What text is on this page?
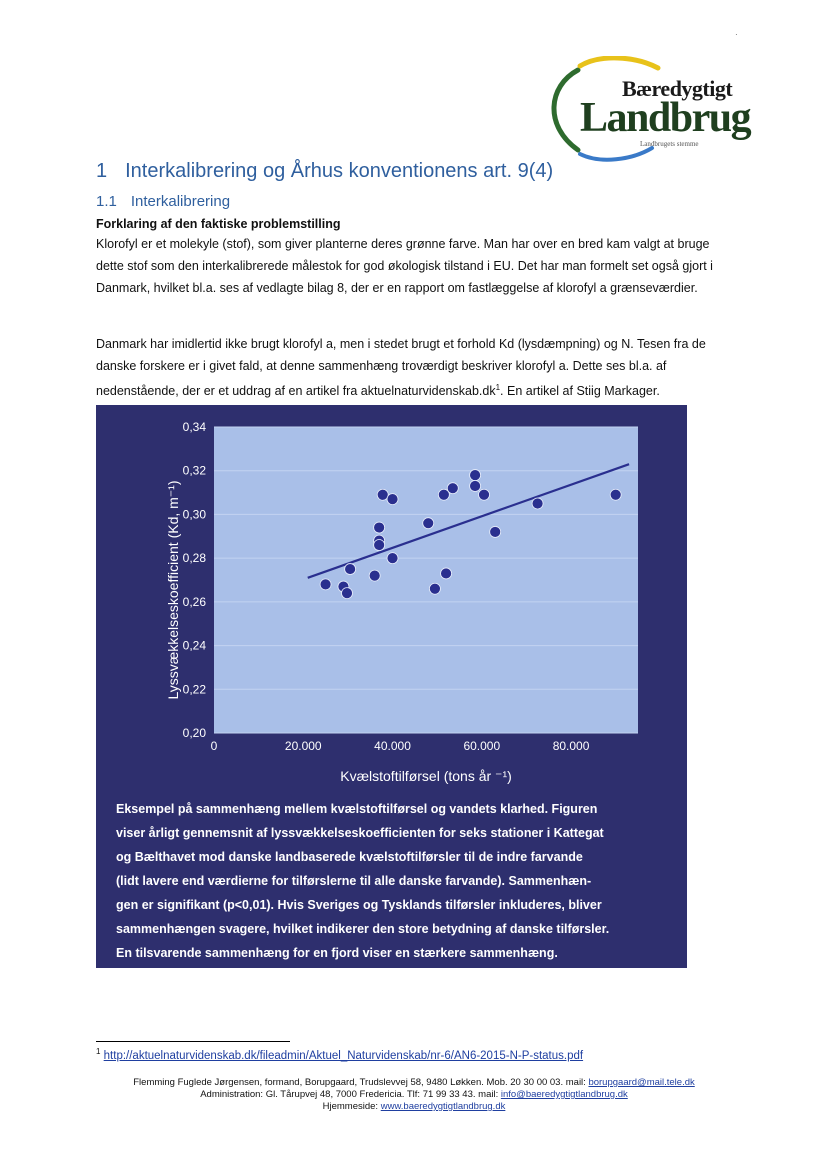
Bæredygtigt
Landbrug
Landbrugets stemme
·
1 Interkalibrering og Århus konventionens art. 9(4)
1.1 Interkalibrering
Forklaring af den faktiske problemstilling
Klorofyl er et molekyle (stof), som giver planterne deres grønne farve. Man har over en bred kam valgt at bruge dette stof som den interkalibrerede målestok for god økologisk tilstand i EU. Det har man formelt set også gjort i Danmark, hvilket bl.a. ses af vedlagte bilag 8, der er en rapport om fastlæggelse af klorofyl a grænseværdier.
Danmark har imidlertid ikke brugt klorofyl a, men i stedet brugt et forhold Kd (lysdæmpning) og N. Tesen fra de danske forskere er i givet fald, at denne sammenhæng troværdigt beskriver klorofyl a. Dette ses bl.a. af nedenstående, der er et uddrag af en artikel fra $aktuelnaturvidenskab.dk^1$. En artikel af Stiig Markager.
0,20
0,22
0,24
0,26
0,28
0,30
0,32
0,34
0	20.000	40.000	60.000	80.000
Kvælstoftilførsel (tons år ⁻¹)
Lyssvækkelseskoefficient (Kd, m⁻¹)

Eksempel på sammenhæng mellem kvælstoftilførsel og vandets klarhed. Figuren

viser årligt gennemsnit af lyssvækkelseskoefficienten for seks stationer i Kattegat

og Bælthavet mod danske landbaserede kvælstoftilførsler til de indre farvande

(lidt lavere end værdierne for tilførslerne til alle danske farvande). Sammenhæn-

gen er signifikant (p<0,01). Hvis Sveriges og Tysklands tilførsler inkluderes, bliver

sammenhængen svagere, hvilket indikerer den store betydning af danske tilførsler.

En tilsvarende sammenhæng for en fjord viser en stærkere sammenhæng.

$^1$ http://aktuelnaturvidenskab.dk/fileadmin/Aktuel_Naturvidenskab/nr-6/AN6-2015-N-P-status.pdf
Flemming Fuglede Jørgensen, formand, Borupgaard, Trudslevvej 58, 9480 Løkken. Mob. 20 30 00 03. mail: borupgaard@mail.tele.dk
Administration: Gl. Tårupvej 48, 7000 Fredericia. Tlf: 71 99 33 43. mail: info@baeredygtigtlandbrug.dk
Hjemmeside: www.baeredygtigtlandbrug.dk
